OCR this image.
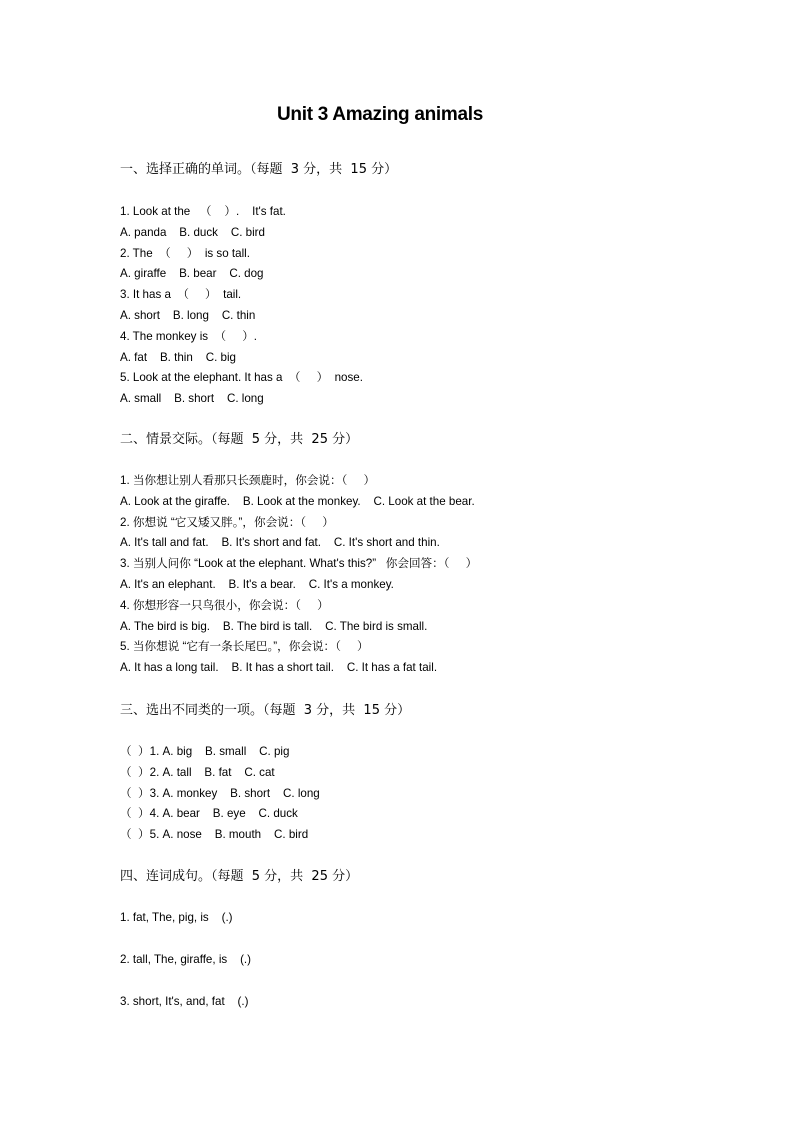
Unit 3 Amazing animals
一、选择正确的单词。（每题  3 分，共  15 分）
1. Look at the   （    ）.    It's fat.
A. panda    B. duck    C. bird
2. The  （     ）  is so tall.
A. giraffe    B. bear    C. dog
3. It has a  （     ）  tail.
A. short    B. long    C. thin
4. The monkey is  （     ）.
A. fat    B. thin    C. big
5. Look at the elephant. It has a  （     ）  nose.
A. small    B. short    C. long
二、情景交际。（每题  5 分，共  25 分）
1. 当你想让别人看那只长颈鹿时，你会说：（     ）
A. Look at the giraffe.    B. Look at the monkey.    C. Look at the bear.
2. 你想说 “它又矮又胖。”，你会说：（     ）
A. It's tall and fat.    B. It's short and fat.    C. It's short and thin.
3. 当别人问你 “Look at the elephant. What's this?”   你会回答：（     ）
A. It's an elephant.    B. It's a bear.    C. It's a monkey.
4. 你想形容一只鸟很小，你会说：（     ）
A. The bird is big.    B. The bird is tall.    C. The bird is small.
5. 当你想说 “它有一条长尾巴。”，你会说：（     ）
A. It has a long tail.    B. It has a short tail.    C. It has a fat tail.
三、选出不同类的一项。（每题  3 分，共  15 分）
（  ）1. A. big    B. small    C. pig
（  ）2. A. tall    B. fat    C. cat
（  ）3. A. monkey    B. short    C. long
（  ）4. A. bear    B. eye    C. duck
（  ）5. A. nose    B. mouth    C. bird
四、连词成句。（每题  5 分，共  25 分）
1. fat, The, pig, is    (.)
2. tall, The, giraffe, is    (.)
3. short, It's, and, fat    (.)
